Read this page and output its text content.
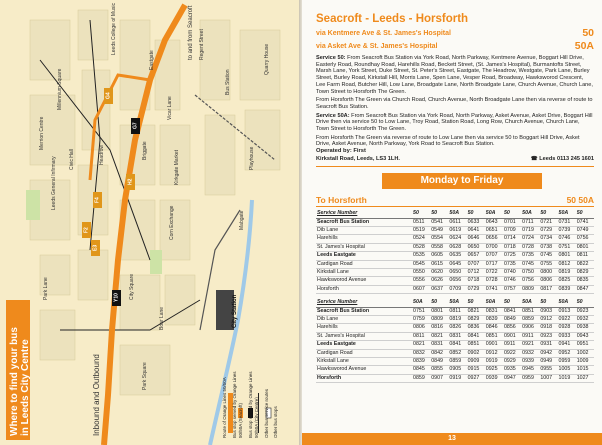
to and from Seacroft
G4
G7
H2
F4
F2
E3
Y10
Leeds General Infirmary
Merrion Centre
Bus Station
Vicar Lane
Eastgate
Kirkgate Market
Corn Exchange
Briggate
Park Square
Boar Lane
City Square
Headrow
Millennium Square
Civic Hall
Leeds College of Music
Quarry House
Playhouse
Regent Street
Mabgate
Park Lane
City Station
Route of Orange Lines 50/50A Bus stop served by Orange Lines 50/50A (Seacroft) Bus stop served by Orange Lines 50/50A (City Centre) Other bus service routes Other bus stops
Where to find your bus in Leeds City Centre	Inbound and Outbound
Seacroft - Leeds - Horsforth
via Kentmere Ave & St. James's Hospital	50
via Asket Ave & St. James's Hospital	50A

Service 50: From Seacroft Bus Station via York Road, North Parkway, Kentmere Avenue, Boggart Hill Drive, Easterly Road, Roundhay Road, Harehills Road, Beckett Street, (St. James's Hospital), Burmantofts Street, Marsh Lane, York Street, Duke Street, St. Peter's Street, Eastgate, The Headrow, Westgate, Park Lane, Burley Street, Burley Road, Kirkstall Hill, Morris Lane, Spen Lane, Vesper Road, Broadway, Hawksworod Crescent, Lee Farm Road, Butcher Hill, Low Lane, Broadgate Lane, North Broadgate Lane, Church Avenue, Church Lane, Town Street to Horsforth The Green.

From Horsforth The Green via Church Road, Church Avenue, North Broadgate Lane then via reverse of route to Seacroft Bus Station.

Service 50A: From Seacroft Bus Station via York Road, North Parkway, Asket Avenue, Asket Drive, Boggart Hill Drive then via service 50 to Low Lane, Troy Road, Station Road, Long Row, Church Avenue, Church Lane, Town Street to Horsforth The Green.

From Horsforth The Green via reverse of route to Low Lane then via service 50 to Boggart Hill Drive, Asket Drive, Asket Avenue, North Parkway, York Road to Seacroft Bus Station.

Operated by: First
Kirkstall Road, Leeds, LS3 1LH.	☎ Leeds 0113 245 1601
Monday to Friday
To Horsforth	50 50A
Service Number	50	50	50A	50	50A	50	50A	50	50A	50
Seacroft Bus Station	0511	0541	0611	0633	0643	0701	0711	0721	0731	0741
Dib Lane	0519	0549	0619	0641	0651	0709	0719	0729	0739	0749
Harehills	0524	0554	0624	0646	0656	0714	0724	0734	0746	0756
St. James's Hospital	0528	0558	0628	0650	0700	0718	0728	0738	0751	0801
Leeds Eastgate	0535	0605	0635	0657	0707	0725	0735	0745	0801	0811
Cardigan Road	0545	0615	0645	0707	0717	0735	0745	0755	0812	0822
Kirkstall Lane	0550	0620	0650	0712	0722	0740	0750	0800	0819	0829
Hawksworod Avenue	0556	0626	0656	0718	0728	0746	0756	0806	0825	0835
Horsforth	0607	0637	0709	0729	0741	0757	0809	0817	0839	0847
Service Number	50A	50	50A	50	50A	50	50A	50	50A	50
Seacroft Bus Station	0751	0801	0811	0821	0831	0841	0851	0903	0913	0923
Dib Lane	0759	0809	0819	0829	0839	0849	0859	0912	0922	0932
Harehills	0806	0816	0826	0836	0846	0856	0906	0918	0928	0938
St. James's Hospital	0811	0821	0831	0841	0851	0901	0911	0923	0933	0943
Leeds Eastgate	0821	0831	0841	0851	0901	0911	0921	0931	0941	0951
Cardigan Road	0832	0842	0852	0902	0912	0922	0932	0942	0952	1002
Kirkstall Lane	0839	0849	0859	0909	0919	0929	0939	0949	0959	1009
Hawksworod Avenue	0845	0855	0905	0915	0925	0935	0945	0955	1005	1015
Horsforth	0859	0907	0919	0927	0939	0947	0959	1007	1019	1027
13
